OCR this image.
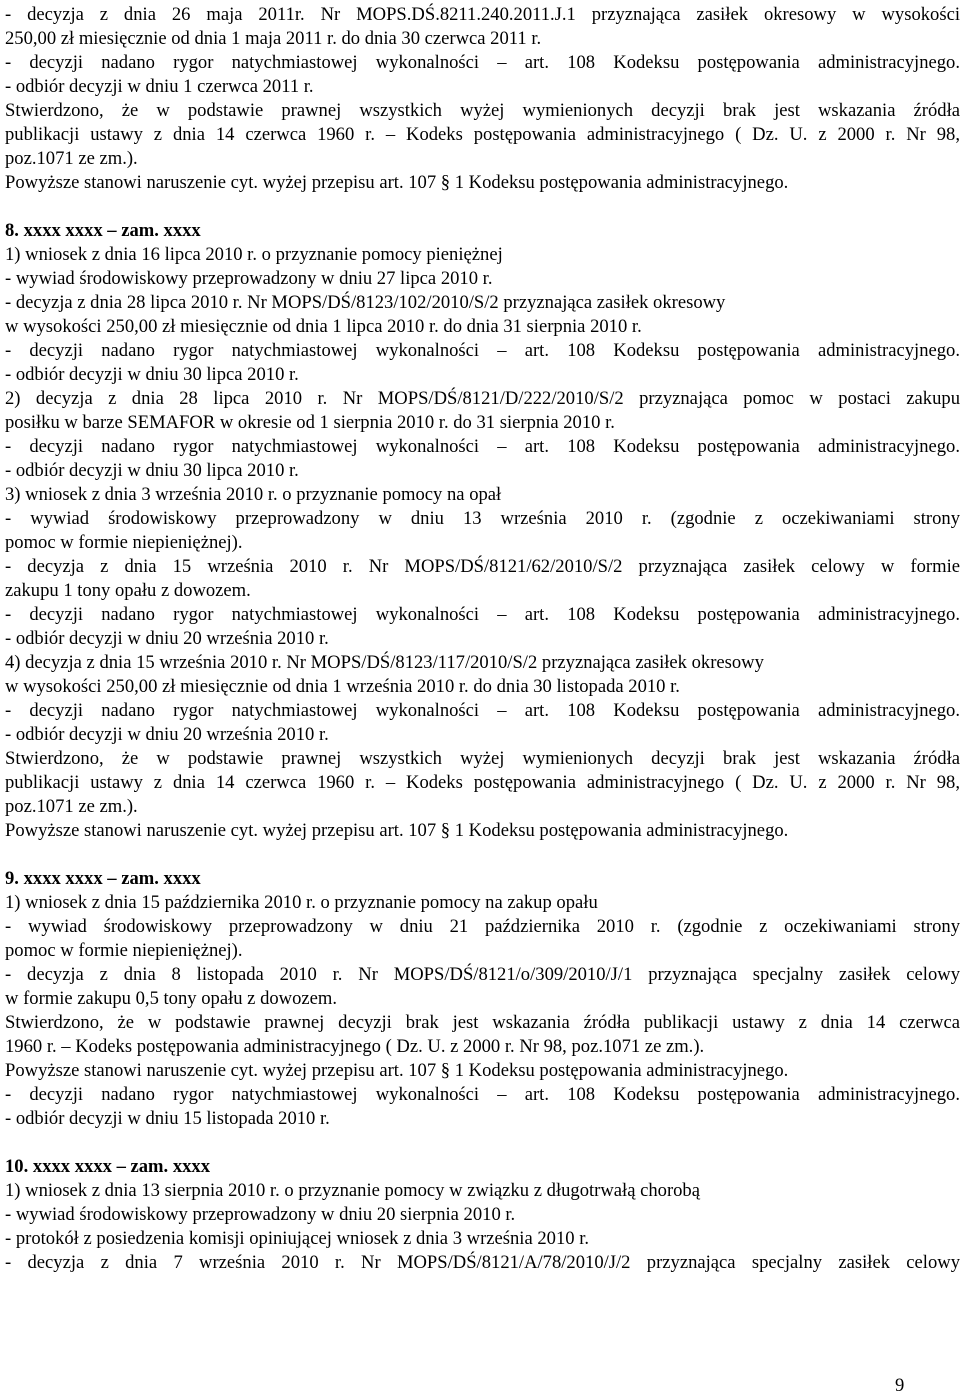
- decyzja z dnia 26 maja 2011r. Nr MOPS.DŚ.8211.240.2011.J.1 przyznająca zasiłek okresowy w wysokości
250,00 zł miesięcznie od dnia 1 maja 2011 r. do dnia 30 czerwca 2011 r.
- decyzji nadano rygor natychmiastowej wykonalności – art. 108 Kodeksu postępowania administracyjnego.
- odbiór decyzji w dniu 1 czerwca 2011 r.
Stwierdzono, że w podstawie prawnej wszystkich wyżej wymienionych decyzji brak jest wskazania źródła
publikacji ustawy z dnia 14 czerwca 1960 r. – Kodeks postępowania administracyjnego ( Dz. U. z 2000 r. Nr 98,
poz.1071 ze zm.).
Powyższe stanowi naruszenie cyt. wyżej przepisu art. 107 § 1 Kodeksu postępowania administracyjnego.
8. xxxx xxxx – zam. xxxx
1) wniosek z dnia 16 lipca 2010 r. o przyznanie pomocy pieniężnej
- wywiad środowiskowy przeprowadzony w dniu 27 lipca 2010 r.
- decyzja z dnia 28 lipca 2010 r. Nr MOPS/DŚ/8123/102/2010/S/2 przyznająca zasiłek okresowy
w wysokości 250,00 zł miesięcznie od dnia 1 lipca 2010 r. do dnia 31 sierpnia 2010 r.
- decyzji nadano rygor natychmiastowej wykonalności – art. 108 Kodeksu postępowania administracyjnego.
- odbiór decyzji w dniu 30 lipca 2010 r.
2) decyzja z dnia 28 lipca 2010 r. Nr MOPS/DŚ/8121/D/222/2010/S/2 przyznająca pomoc w postaci zakupu
posiłku w barze SEMAFOR w okresie od 1 sierpnia 2010 r. do 31 sierpnia 2010 r.
- decyzji nadano rygor natychmiastowej wykonalności – art. 108 Kodeksu postępowania administracyjnego.
- odbiór decyzji w dniu 30 lipca 2010 r.
3) wniosek z dnia 3 września 2010 r. o przyznanie pomocy na opał
- wywiad środowiskowy przeprowadzony w dniu 13 września 2010 r. (zgodnie z oczekiwaniami strony
pomoc w formie niepieniężnej).
- decyzja z dnia 15 września 2010 r. Nr MOPS/DŚ/8121/62/2010/S/2 przyznająca zasiłek celowy w formie
zakupu 1 tony opału z dowozem.
- decyzji nadano rygor natychmiastowej wykonalności – art. 108 Kodeksu postępowania administracyjnego.
- odbiór decyzji w dniu 20 września 2010 r.
4) decyzja z dnia 15 września 2010 r. Nr MOPS/DŚ/8123/117/2010/S/2 przyznająca zasiłek okresowy
w wysokości 250,00 zł miesięcznie od dnia 1 września 2010 r. do dnia 30 listopada 2010 r.
- decyzji nadano rygor natychmiastowej wykonalności – art. 108 Kodeksu postępowania administracyjnego.
- odbiór decyzji w dniu 20 września 2010 r.
Stwierdzono, że w podstawie prawnej wszystkich wyżej wymienionych decyzji brak jest wskazania źródła
publikacji ustawy z dnia 14 czerwca 1960 r. – Kodeks postępowania administracyjnego ( Dz. U. z 2000 r. Nr 98,
poz.1071 ze zm.).
Powyższe stanowi naruszenie cyt. wyżej przepisu art. 107 § 1 Kodeksu postępowania administracyjnego.
9. xxxx xxxx – zam. xxxx
1) wniosek z dnia 15 października 2010 r. o przyznanie pomocy na zakup opału
- wywiad środowiskowy przeprowadzony w dniu 21 października 2010 r. (zgodnie z oczekiwaniami strony
pomoc w formie niepieniężnej).
- decyzja z dnia 8 listopada 2010 r. Nr MOPS/DŚ/8121/o/309/2010/J/1 przyznająca specjalny zasiłek celowy
w formie zakupu 0,5 tony opału z dowozem.
Stwierdzono, że w podstawie prawnej decyzji brak jest wskazania źródła publikacji ustawy z dnia 14 czerwca
1960 r. – Kodeks postępowania administracyjnego ( Dz. U. z 2000 r. Nr 98, poz.1071 ze zm.).
Powyższe stanowi naruszenie cyt. wyżej przepisu art. 107 § 1 Kodeksu postępowania administracyjnego.
- decyzji nadano rygor natychmiastowej wykonalności – art. 108 Kodeksu postępowania administracyjnego.
- odbiór decyzji w dniu 15 listopada 2010 r.
10. xxxx xxxx – zam. xxxx
1) wniosek z dnia 13 sierpnia 2010 r. o przyznanie pomocy w związku z długotrwałą chorobą
- wywiad środowiskowy przeprowadzony w dniu 20 sierpnia 2010 r.
- protokół z posiedzenia komisji opiniującej wniosek z dnia 3 września 2010 r.
- decyzja z dnia 7 września 2010 r. Nr MOPS/DŚ/8121/A/78/2010/J/2 przyznająca specjalny zasiłek celowy
9
